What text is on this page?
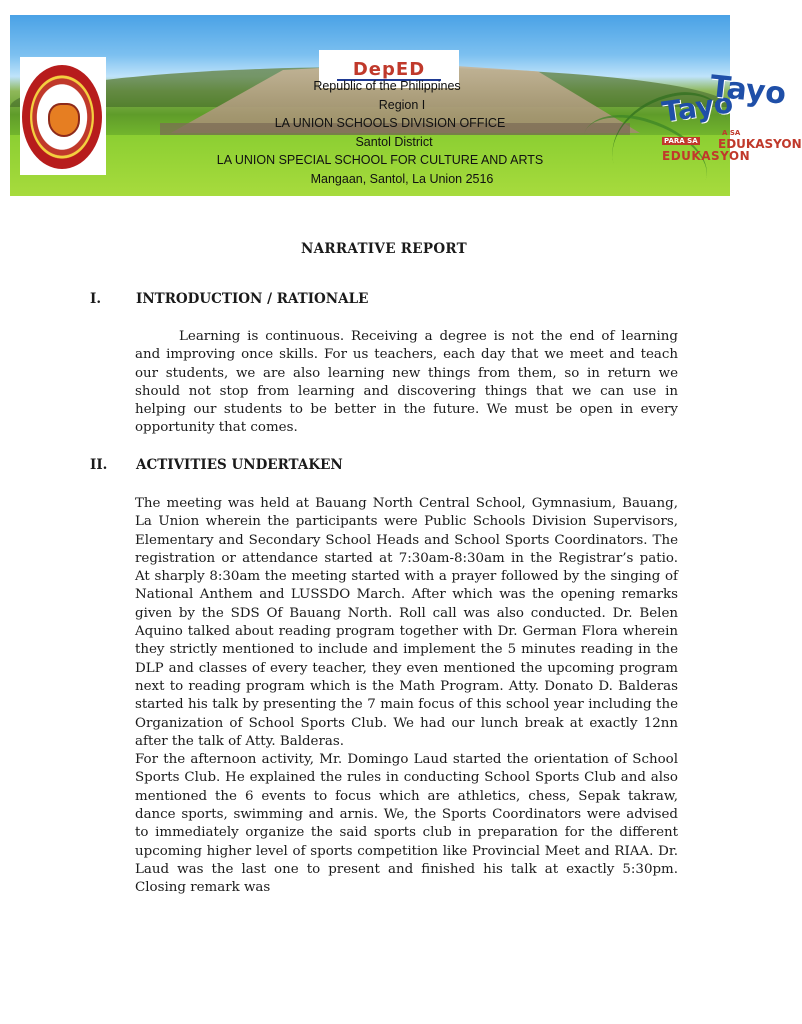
DepED
Tayo
Tayo
A SA
EDUKASYON
PARA SA
EDUKASYON
Republic of the Philippines
Region I
LA UNION SCHOOLS DIVISION OFFICE
Santol District
LA UNION SPECIAL SCHOOL FOR CULTURE AND ARTS
Mangaan, Santol, La Union 2516
NARRATIVE REPORT
I.	INTRODUCTION / RATIONALE

Learning is continuous. Receiving a degree is not the end of learning and improving once skills. For us teachers, each day that we meet and teach our students, we are also learning new things from them, so in return we should not stop from learning and discovering things that we can use in helping our students to be better in the future. We must be open in every opportunity that comes.

II. ACTIVITIES UNDERTAKEN

The meeting was held at Bauang North Central School, Gymnasium, Bauang, La Union wherein the participants were Public Schools Division Supervisors, Elementary and Secondary School Heads and School Sports Coordinators. The registration or attendance started at 7:30am-8:30am in the Registrar’s patio. At sharply 8:30am the meeting started with a prayer followed by the singing of National Anthem and LUSSDO March. After which was the opening remarks given by the SDS Of Bauang North. Roll call was also conducted. Dr. Belen Aquino talked about reading program together with Dr. German Flora wherein they strictly mentioned to include and implement the 5 minutes reading in the DLP and classes of every teacher, they even mentioned the upcoming program next to reading program which is the Math Program. Atty. Donato D. Balderas started his talk by presenting the 7 main focus of this school year including the Organization of School Sports Club. We had our lunch break at exactly 12nn after the talk of Atty. Balderas.

For the afternoon activity, Mr. Domingo Laud started the orientation of School Sports Club. He explained the rules in conducting School Sports Club and also mentioned the 6 events to focus which are athletics, chess, Sepak takraw, dance sports, swimming and arnis. We, the Sports Coordinators were advised to immediately organize the said sports club in preparation for the different upcoming higher level of sports competition like Provincial Meet and RIAA. Dr. Laud was the last one to present and finished his talk at exactly 5:30pm. Closing remark was
